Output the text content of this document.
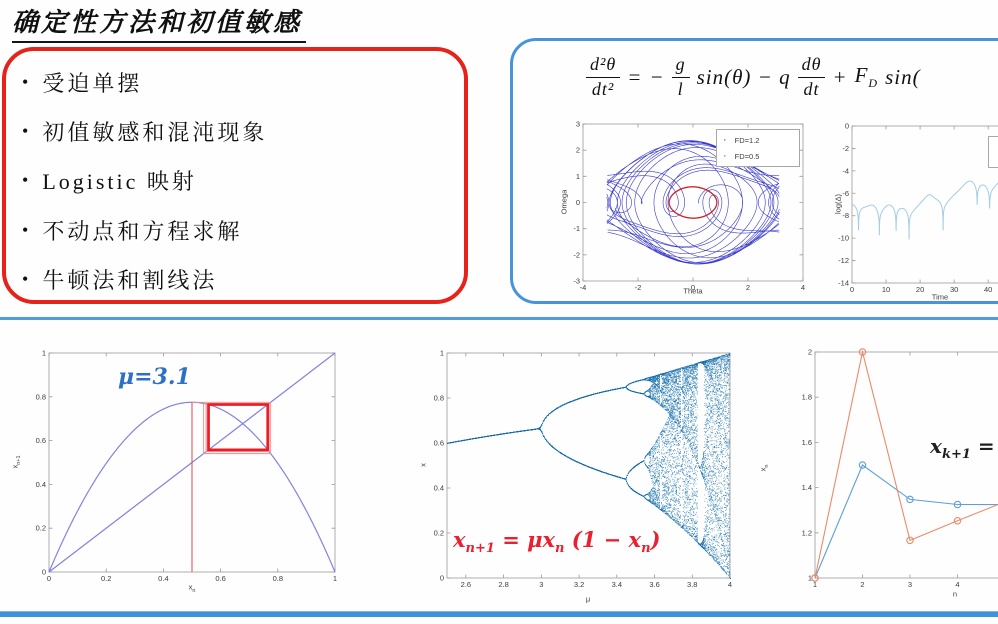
确定性方法和初值敏感
• 受迫单摆
• 初值敏感和混沌现象
• Logistic 映射
• 不动点和方程求解
• 牛顿法和割线法
$\frac{\text{d²θ}}{\text{dt²}}$ = − $\frac{g}{l} \sin(\theta) - q \frac{d\theta}{dt} + F_D$ sin(
Omega
Theta
· FD=1.2
· FD=0.5
log(Δ)
Time
$x_{n+1}$
$x_n$
μ=3.1
x
μ
$x_{n+1} = \mu x_n$ $(1 - x_n)$
$x_n$
n
$x_{k+1}$ =
